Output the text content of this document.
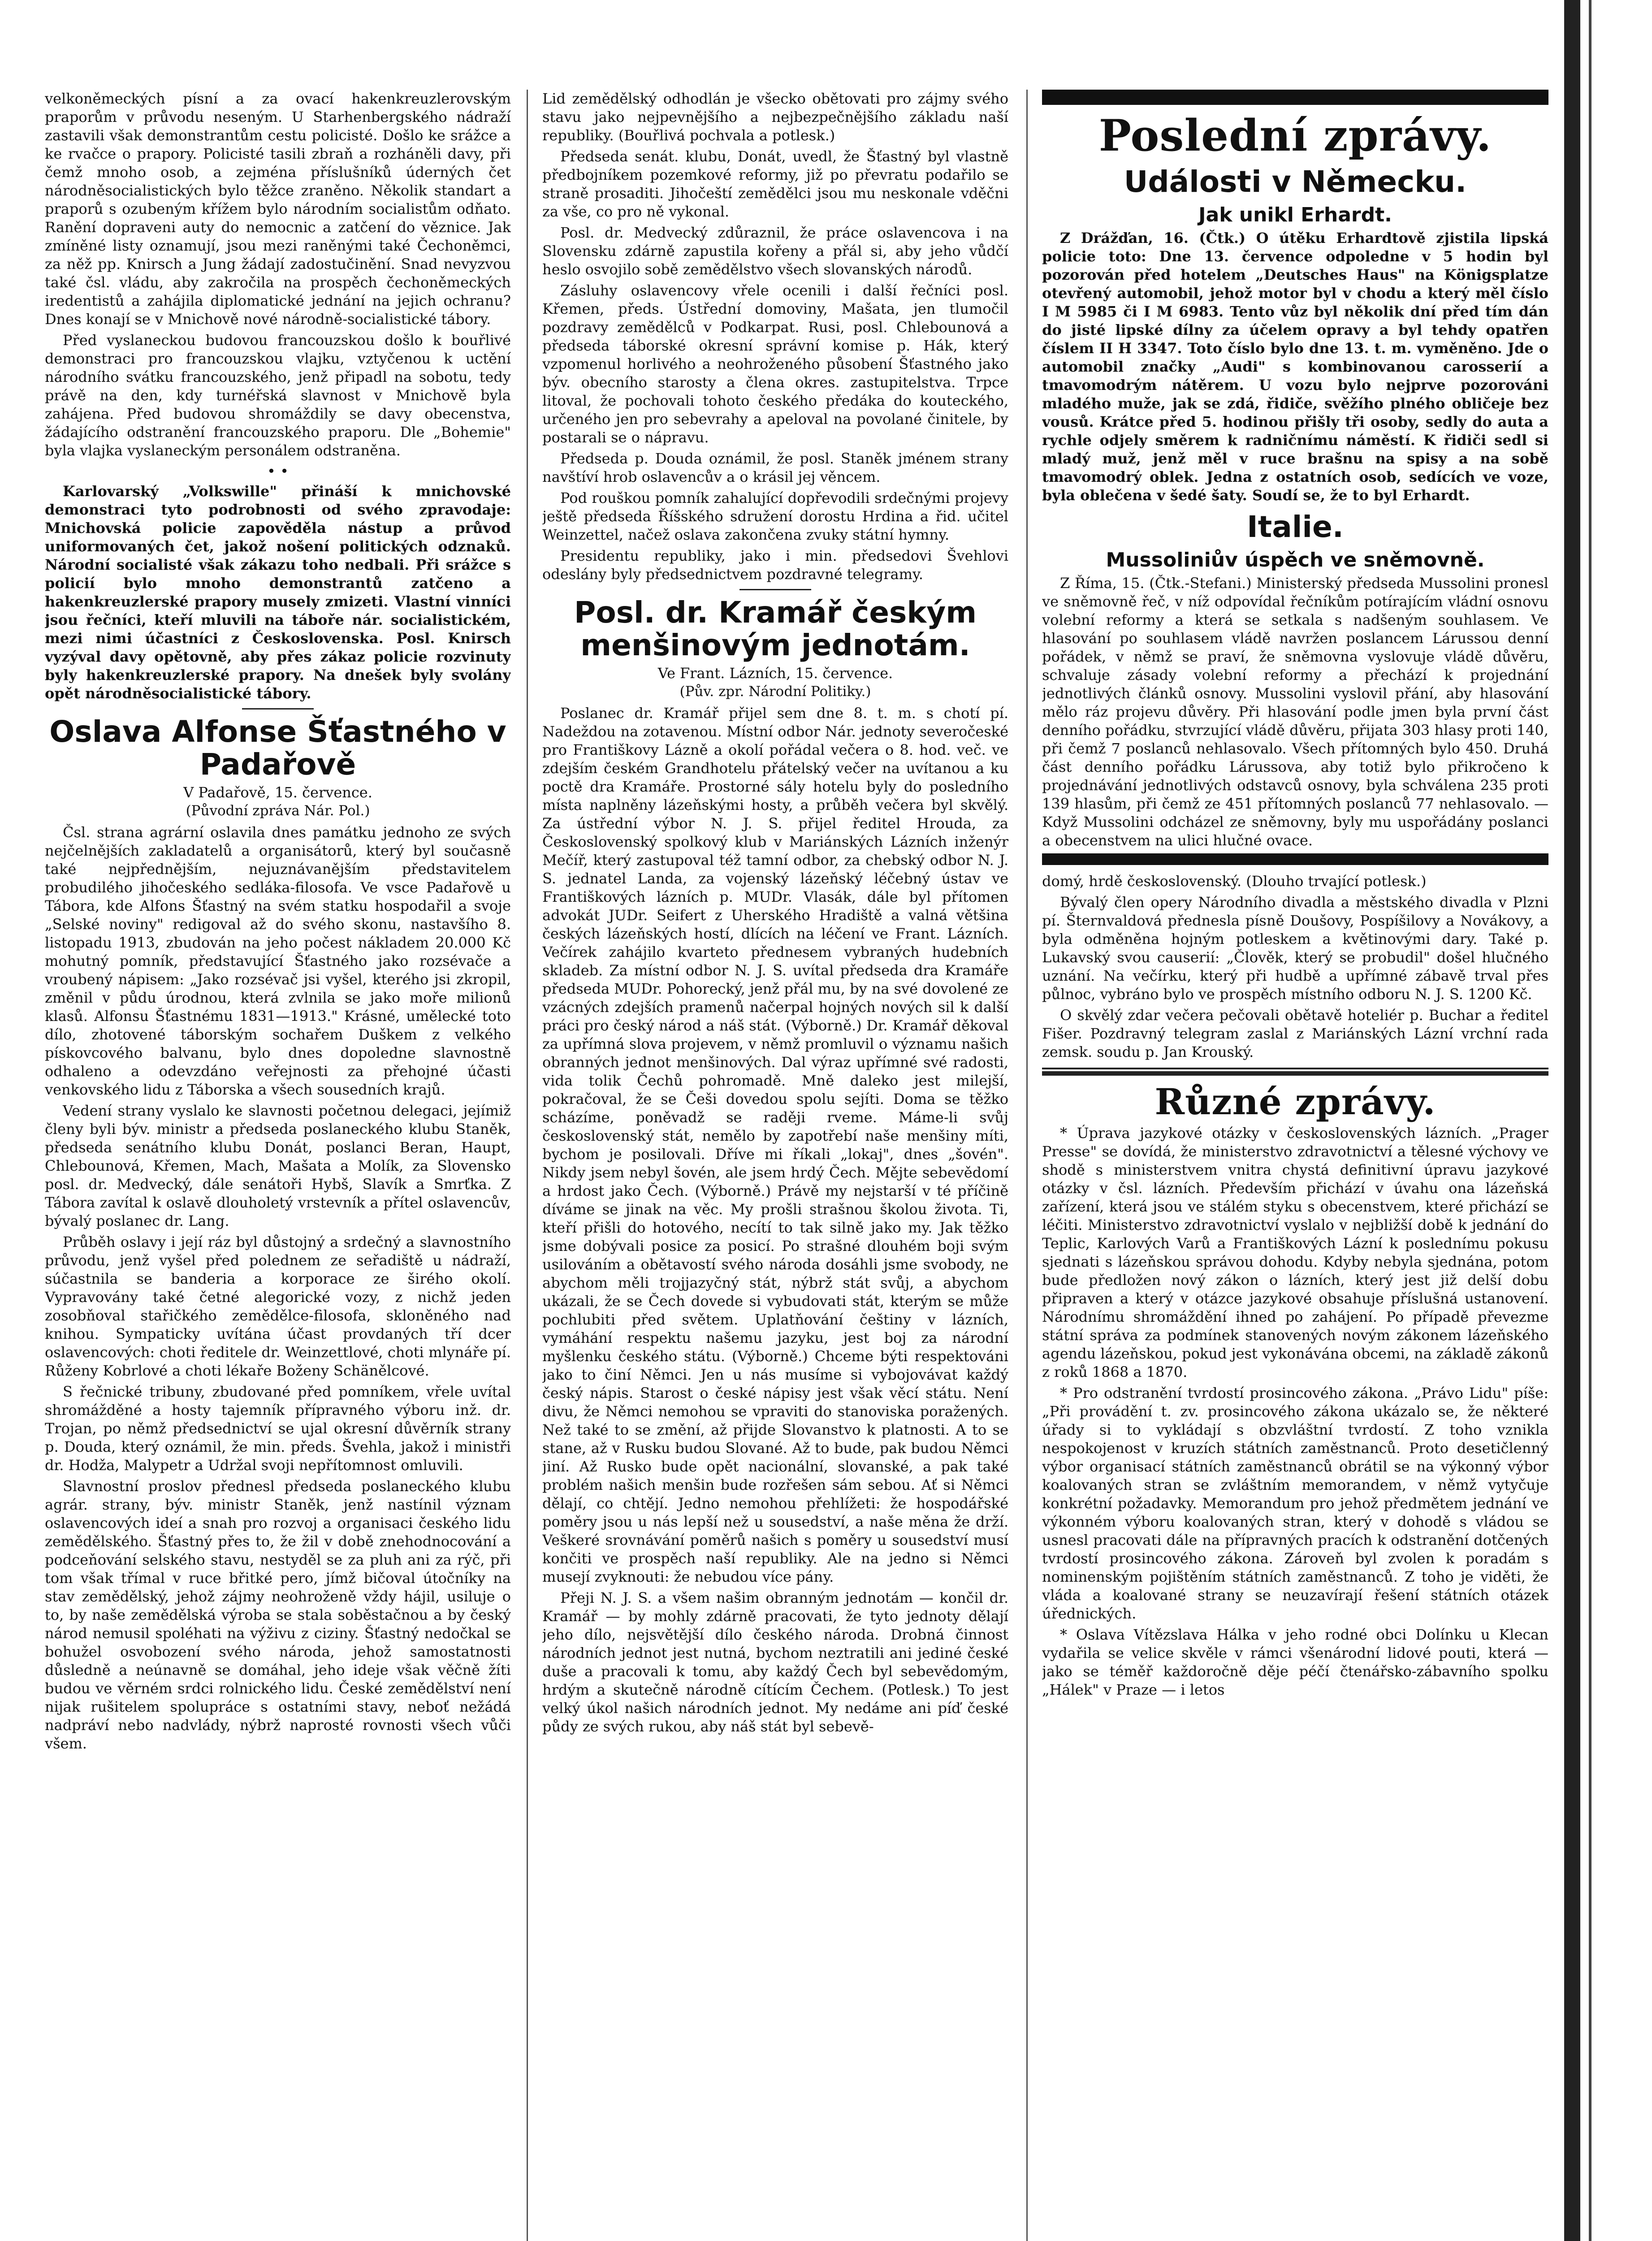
velkoněmeckých písní a za ovací hakenkreuzlerovským praporům v průvodu neseným. U Starhenbergského nádraží zastavili však demonstrantům cestu policisté. Došlo ke srážce a ke rvačce o prapory. Policisté tasili zbraň a rozháněli davy, při čemž mnoho osob, a zejména příslušníků úderných čet národněsocialistických bylo těžce zraněno. Několik standart a praporů s ozubeným křížem bylo národním socialistům odňato. Ranění dopraveni auty do nemocnic a zatčení do věznice. Jak zmíněné listy oznamují, jsou mezi raněnými také Čechoněmci, za něž pp. Knirsch a Jung žádají zadostučinění. Snad nevyzvou také čsl. vládu, aby zakročila na prospěch čechoněmeckých iredentistů a zahájila diplomatické jednání na jejich ochranu? Dnes konají se v Mnichově nové národně-socialistické tábory.

Před vyslaneckou budovou francouzskou došlo k bouřlivé demonstraci pro francouzskou vlajku, vztyčenou k uctění národního svátku francouzského, jenž připadl na sobotu, tedy právě na den, kdy turnéřská slavnost v Mnichově byla zahájena. Před budovou shromáždily se davy obecenstva, žádajícího odstranění francouzského praporu. Dle „Bohemie" byla vlajka vyslaneckým personálem odstraněna.

• •

Karlovarský „Volkswille" přináší k mnichovské demonstraci tyto podrobnosti od svého zpravodaje: Mnichovská policie zapověděla nástup a průvod uniformovaných čet, jakož nošení politických odznaků. Národní socialisté však zákazu toho nedbali. Při srážce s policií bylo mnoho demonstrantů zatčeno a hakenkreuzlerské prapory musely zmizeti. Vlastní vinníci jsou řečníci, kteří mluvili na táboře nár. socialistickém, mezi nimi účastníci z Československa. Posl. Knirsch vyzýval davy opětovně, aby přes zákaz policie rozvinuty byly hakenkreuzlerské prapory. Na dnešek byly svolány opět národněsocialistické tábory.

Oslava Alfonse Šťastného v Padařově
V Padařově, 15. července.
(Původní zpráva Nár. Pol.)

Čsl. strana agrární oslavila dnes památku jednoho ze svých nejčelnějších zakladatelů a organisátorů, který byl současně také nejpřednějším, nejuznávanějším představitelem probudilého jihočeského sedláka-filosofa. Ve vsce Padařově u Tábora, kde Alfons Šťastný na svém statku hospodařil a svoje „Selské noviny" redigoval až do svého skonu, nastavšího 8. listopadu 1913, zbudován na jeho počest nákladem 20.000 Kč mohutný pomník, představující Šťastného jako rozsévače a vroubený nápisem: „Jako rozsévač jsi vyšel, kterého jsi zkropil, změnil v půdu úrodnou, která zvlnila se jako moře milionů klasů. Alfonsu Šťastnému 1831—1913." Krásné, umělecké toto dílo, zhotovené táborským sochařem Duškem z velkého pískovcového balvanu, bylo dnes dopoledne slavnostně odhaleno a odevzdáno veřejnosti za přehojné účasti venkovského lidu z Táborska a všech sousedních krajů.

Vedení strany vyslalo ke slavnosti početnou delegaci, jejímiž členy byli býv. ministr a předseda poslaneckého klubu Staněk, předseda senátního klubu Donát, poslanci Beran, Haupt, Chlebounová, Křemen, Mach, Mašata a Molík, za Slovensko posl. dr. Medvecký, dále senátoři Hybš, Slavík a Smrťka. Z Tábora zavítal k oslavě dlouholetý vrstevník a přítel oslavencův, bývalý poslanec dr. Lang.

Průběh oslavy i její ráz byl důstojný a srdečný a slavnostního průvodu, jenž vyšel před polednem ze seřadiště u nádraží, súčastnila se banderia a korporace ze širého okolí. Vypravovány také četné alegorické vozy, z nichž jeden zosobňoval stařičkého zemědělce-filosofa, skloněného nad knihou. Sympaticky uvítána účast provdaných tří dcer oslavencových: choti ředitele dr. Weinzettlové, choti mlynáře pí. Růženy Kobrlové a choti lékaře Boženy Schänělcové.

S řečnické tribuny, zbudované před pomníkem, vřele uvítal shromážděné a hosty tajemník přípravného výboru inž. dr. Trojan, po němž předsednictví se ujal okresní důvěrník strany p. Douda, který oznámil, že min. předs. Švehla, jakož i ministři dr. Hodža, Malypetr a Udržal svoji nepřítomnost omluvili.

Slavnostní proslov přednesl předseda poslaneckého klubu agrár. strany, býv. ministr Staněk, jenž nastínil význam oslavencových ideí a snah pro rozvoj a organisaci českého lidu zemědělského. Šťastný přes to, že žil v době znehodnocování a podceňování selského stavu, nestyděl se za pluh ani za rýč, při tom však třímal v ruce břitké pero, jímž bičoval útočníky na stav zemědělský, jehož zájmy neohroženě vždy hájil, usiluje o to, by naše zemědělská výroba se stala soběstačnou a by český národ nemusil spoléhati na výživu z ciziny. Šťastný nedočkal se bohužel osvobození svého národa, jehož samostatnosti důsledně a neúnavně se domáhal, jeho ideje však věčně žíti budou ve věrném srdci rolnického lidu. České zemědělství není nijak rušitelem spolupráce s ostatními stavy, neboť nežádá nadpráví nebo nadvlády, nýbrž naprosté rovnosti všech vůči všem.

Lid zemědělský odhodlán je všecko obětovati pro zájmy svého stavu jako nejpevnějšího a nejbezpečnějšího základu naší republiky. (Bouřlivá pochvala a potlesk.)

Předseda senát. klubu, Donát, uvedl, že Šťastný byl vlastně předbojníkem pozemkové reformy, již po převratu podařilo se straně prosaditi. Jihočeští zemědělci jsou mu neskonale vděčni za vše, co pro ně vykonal.

Posl. dr. Medvecký zdůraznil, že práce oslavencova i na Slovensku zdárně zapustila kořeny a přál si, aby jeho vůdčí heslo osvojilo sobě zemědělstvo všech slovanských národů.

Zásluhy oslavencovy vřele ocenili i další řečníci posl. Křemen, předs. Ústřední domoviny, Mašata, jen tlumočil pozdravy zemědělců v Podkarpat. Rusi, posl. Chlebounová a předseda táborské okresní správní komise p. Hák, který vzpomenul horlivého a neohroženého působení Šťastného jako býv. obecního starosty a člena okres. zastupitelstva. Trpce litoval, že pochovali tohoto českého předáka do kouteckého, určeného jen pro sebevrahy a apeloval na povolané činitele, by postarali se o nápravu.

Předseda p. Douda oznámil, že posl. Staněk jménem strany navštíví hrob oslavencův a o krásil jej věncem.

Pod rouškou pomník zahalující dopřevodili srdečnými projevy ještě předseda Říšského sdružení dorostu Hrdina a řid. učitel Weinzettel, načež oslava zakončena zvuky státní hymny.

Presidentu republiky, jako i min. předsedovi Švehlovi odeslány byly předsednictvem pozdravné telegramy.

Posl. dr. Kramář českým menšinovým jednotám.
Ve Frant. Lázních, 15. července.
(Pův. zpr. Národní Politiky.)

Poslanec dr. Kramář přijel sem dne 8. t. m. s chotí pí. Nadeždou na zotavenou. Místní odbor Nár. jednoty severočeské pro Františkovy Lázně a okolí pořádal večera o 8. hod. več. ve zdejším českém Grandhotelu přátelský večer na uvítanou a ku poctě dra Kramáře. Prostorné sály hotelu byly do posledního místa naplněny lázeňskými hosty, a průběh večera byl skvělý. Za ústřední výbor N. J. S. přijel ředitel Hrouda, za Československý spolkový klub v Mariánských Lázních inženýr Mečíř, který zastupoval též tamní odbor, za chebský odbor N. J. S. jednatel Landa, za vojenský lázeňský léčebný ústav ve Františkových lázních p. MUDr. Vlasák, dále byl přítomen advokát JUDr. Seifert z Uherského Hradiště a valná většina českých lázeňských hostí, dlících na léčení ve Frant. Lázních. Večírek zahájilo kvarteto přednesem vybraných hudebních skladeb. Za místní odbor N. J. S. uvítal předseda dra Kramáře předseda MUDr. Pohorecký, jenž přál mu, by na své dovolené ze vzácných zdejších pramenů načerpal hojných nových sil k další práci pro český národ a náš stát. (Výborně.) Dr. Kramář děkoval za upřímná slova projevem, v němž promluvil o významu našich obranných jednot menšinových. Dal výraz upřímné své radosti, vida tolik Čechů pohromadě. Mně daleko jest milejší, pokračoval, že se Češi dovedou spolu sejíti. Doma se těžko scházíme, poněvadž se raději rveme. Máme-li svůj československý stát, nemělo by zapotřebí naše menšiny míti, bychom je posilovali. Dříve mi říkali „lokaj", dnes „šovén". Nikdy jsem nebyl šovén, ale jsem hrdý Čech. Mějte sebevědomí a hrdost jako Čech. (Výborně.) Právě my nejstarší v té příčině díváme se jinak na věc. My prošli strašnou školou života. Ti, kteří přišli do hotového, necítí to tak silně jako my. Jak těžko jsme dobývali posice za posicí. Po strašné dlouhém boji svým usilováním a obětavostí svého národa dosáhli jsme svobody, ne abychom měli trojjazyčný stát, nýbrž stát svůj, a abychom ukázali, že se Čech dovede si vybudovati stát, kterým se může pochlubiti před světem. Uplatňování češtiny v lázních, vymáhání respektu našemu jazyku, jest boj za národní myšlenku českého státu. (Výborně.) Chceme býti respektováni jako to činí Němci. Jen u nás musíme si vybojovávat každý český nápis. Starost o české nápisy jest však věcí státu. Není divu, že Němci nemohou se vpraviti do stanoviska poražených. Než také to se změní, až přijde Slovanstvo k platnosti. A to se stane, až v Rusku budou Slované. Až to bude, pak budou Němci jiní. Až Rusko bude opět nacionální, slovanské, a pak také problém našich menšin bude rozřešen sám sebou. Ať si Němci dělají, co chtějí. Jedno nemohou přehlížeti: že hospodářské poměry jsou u nás lepší než u sousedství, a naše měna že drží. Veškeré srovnávání poměrů našich s poměry u sousedství musí končiti ve prospěch naší republiky. Ale na jedno si Němci musejí zvyknouti: že nebudou více pány.

Přeji N. J. S. a všem našim obranným jednotám — končil dr. Kramář — by mohly zdárně pracovati, že tyto jednoty dělají jeho dílo, nejsvětější dílo českého národa. Drobná činnost národních jednot jest nutná, bychom neztratili ani jediné české duše a pracovali k tomu, aby každý Čech byl sebevědomým, hrdým a skutečně národně cítícím Čechem. (Potlesk.) To jest velký úkol našich národních jednot. My nedáme ani píď české půdy ze svých rukou, aby náš stát byl sebevě-

Poslední zprávy.
Události v Německu.
Jak unikl Erhardt.

Z Drážďan, 16. (Čtk.) O útěku Erhardtově zjistila lipská policie toto: Dne 13. července odpoledne v 5 hodin byl pozorován před hotelem „Deutsches Haus" na Königsplatze otevřený automobil, jehož motor byl v chodu a který měl číslo I M 5985 či I M 6983. Tento vůz byl několik dní před tím dán do jisté lipské dílny za účelem opravy a byl tehdy opatřen číslem II H 3347. Toto číslo bylo dne 13. t. m. vyměněno. Jde o automobil značky „Audi" s kombinovanou carosserií a tmavomodrým nátěrem. U vozu bylo nejprve pozorováni mladého muže, jak se zdá, řidiče, svěžího plného obličeje bez vousů. Krátce před 5. hodinou přišly tři osoby, sedly do auta a rychle odjely směrem k radničnímu náměstí. K řidiči sedl si mladý muž, jenž měl v ruce brašnu na spisy a na sobě tmavomodrý oblek. Jedna z ostatních osob, sedících ve voze, byla oblečena v šedé šaty. Soudí se, že to byl Erhardt.

Italie.
Mussoliniův úspěch ve sněmovně.

Z Říma, 15. (Čtk.-Stefani.) Ministerský předseda Mussolini pronesl ve sněmovně řeč, v níž odpovídal řečníkům potírajícím vládní osnovu volební reformy a která se setkala s nadšeným souhlasem. Ve hlasování po souhlasem vládě navržen poslancem Lárussou denní pořádek, v němž se praví, že sněmovna vyslovuje vládě důvěru, schvaluje zásady volební reformy a přechází k projednání jednotlivých článků osnovy. Mussolini vyslovil přání, aby hlasování mělo ráz projevu důvěry. Při hlasování podle jmen byla první část denního pořádku, stvrzující vládě důvěru, přijata 303 hlasy proti 140, při čemž 7 poslanců nehlasovalo. Všech přítomných bylo 450. Druhá část denního pořádku Lárussova, aby totiž bylo přikročeno k projednávání jednotlivých odstavců osnovy, byla schválena 235 proti 139 hlasům, při čemž ze 451 přítomných poslanců 77 nehlasovalo. — Když Mussolini odcházel ze sněmovny, byly mu uspořádány poslanci a obecenstvem na ulici hlučné ovace.

domý, hrdě československý. (Dlouho trvající potlesk.)

Bývalý člen opery Národního divadla a městského divadla v Plzni pí. Šternvaldová přednesla písně Doušovy, Pospíšilovy a Novákovy, a byla odměněna hojným potleskem a květinovými dary. Také p. Lukavský svou causerií: „Člověk, který se probudil" došel hlučného uznání. Na večírku, který při hudbě a upřímné zábavě trval přes půlnoc, vybráno bylo ve prospěch místního odboru N. J. S. 1200 Kč.

O skvělý zdar večera pečovali obětavě hoteliér p. Buchar a ředitel Fišer. Pozdravný telegram zaslal z Mariánských Lázní vrchní rada zemsk. soudu p. Jan Krouský.

Různé zprávy.

* Úprava jazykové otázky v československých lázních. „Prager Presse" se dovídá, že ministerstvo zdravotnictví a tělesné výchovy ve shodě s ministerstvem vnitra chystá definitivní úpravu jazykové otázky v čsl. lázních. Především přichází v úvahu ona lázeňská zařízení, která jsou ve stálém styku s obecenstvem, které přichází se léčiti. Ministerstvo zdravotnictví vyslalo v nejbližší době k jednání do Teplic, Karlových Varů a Františkových Lázní k poslednímu pokusu sjednati s lázeňskou správou dohodu. Kdyby nebyla sjednána, potom bude předložen nový zákon o lázních, který jest již delší dobu připraven a který v otázce jazykové obsahuje příslušná ustanovení. Národnímu shromáždění ihned po zahájení. Po případě převezme státní správa za podmínek stanovených novým zákonem lázeňského agendu lázeňskou, pokud jest vykonávána obcemi, na základě zákonů z roků 1868 a 1870.

* Pro odstranění tvrdostí prosincového zákona. „Právo Lidu" píše: „Při provádění t. zv. prosincového zákona ukázalo se, že některé úřady si to vykládají s obzvláštní tvrdostí. Z toho vznikla nespokojenost v kruzích státních zaměstnanců. Proto desetičlenný výbor organisací státních zaměstnanců obrátil se na výkonný výbor koalovaných stran se zvláštním memorandem, v němž vytyčuje konkrétní požadavky. Memorandum pro jehož předmětem jednání ve výkonném výboru koalovaných stran, který v dohodě s vládou se usnesl pracovati dále na přípravných pracích k odstranění dotčených tvrdostí prosincového zákona. Zároveň byl zvolen k poradám s nominenským pojištěním státních zaměstnanců. Z toho je viděti, že vláda a koalované strany se neuzavírají řešení státních otázek úřednických.

* Oslava Vítězslava Hálka v jeho rodné obci Dolínku u Klecan vydařila se velice skvěle v rámci všenárodní lidové pouti, která — jako se téměř každoročně děje péčí čtenářsko-zábavního spolku „Hálek" v Praze — i letos
